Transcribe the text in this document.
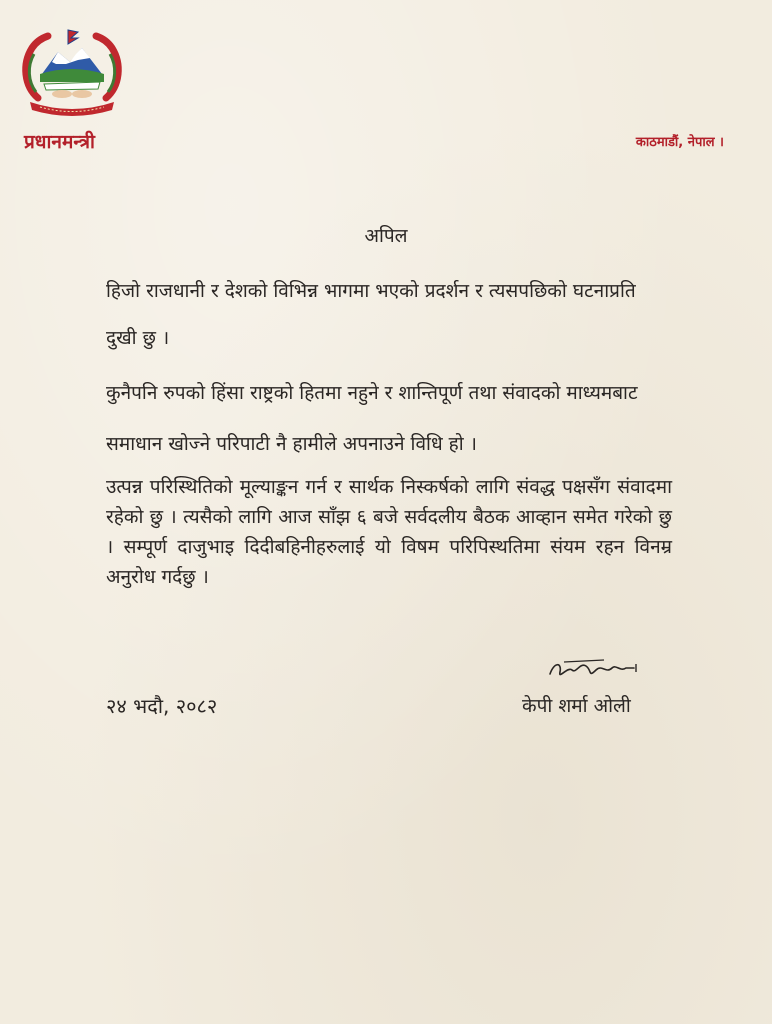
प्रधानमन्त्री	काठमाडौं, नेपाल ।
अपिल

हिजो राजधानी र देशको विभिन्न भागमा भएको प्रदर्शन र त्यसपछिको घटनाप्रति दुखी छु ।

कुनैपनि रुपको हिंसा राष्ट्रको हितमा नहुने र शान्तिपूर्ण तथा संवादको माध्यमबाट समाधान खोज्ने परिपाटी नै हामीले अपनाउने विधि हो ।

उत्पन्न परिस्थितिको मूल्याङ्कन गर्न र सार्थक निस्कर्षको लागि संवद्ध पक्षसँग संवादमा रहेको छु । त्यसैको लागि आज साँझ ६ बजे सर्वदलीय बैठक आव्हान समेत गरेको छु । सम्पूर्ण दाजुभाइ दिदीबहिनीहरुलाई यो विषम परिपिस्थतिमा संयम रहन विनम्र अनुरोध गर्दछु ।

२४ भदौ, २०८२	केपी शर्मा ओली
